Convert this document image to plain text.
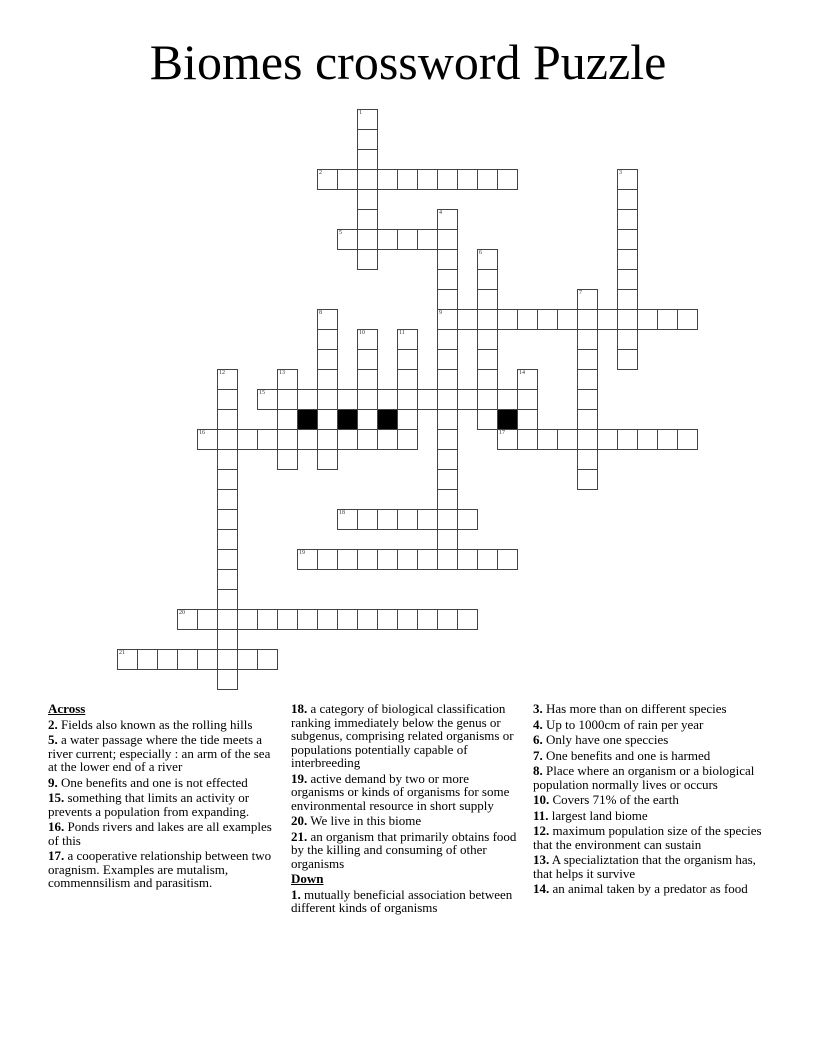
Biomes crossword Puzzle
1
2	3
4
9
5
6
7
8
10	11
12	13	14
15
16	17
18
19
20
21
Across
2. Fields also known as the rolling hills
5. a water passage where the tide meets a river current; especially : an arm of the sea at the lower end of a river
9. One benefits and one is not effected
15. something that limits an activity or prevents a population from expanding.
16. Ponds rivers and lakes are all examples of this
17. a cooperative relationship between two oragnism. Examples are mutalism, commennsilism and parasitism.
18. a category of biological classification ranking immediately below the genus or subgenus, comprising related organisms or populations potentially capable of interbreeding
19. active demand by two or more organisms or kinds of organisms for some environmental resource in short supply
20. We live in this biome
21. an organism that primarily obtains food by the killing and consuming of other organisms
Down
1. mutually beneficial association between different kinds of organisms
3. Has more than on different species
4. Up to 1000cm of rain per year
6. Only have one speccies
7. One benefits and one is harmed
8. Place where an organism or a biological population normally lives or occurs
10. Covers 71% of the earth
11. largest land biome
12. maximum population size of the species that the environment can sustain
13. A specializtation that the organism has, that helps it survive
14. an animal taken by a predator as food
